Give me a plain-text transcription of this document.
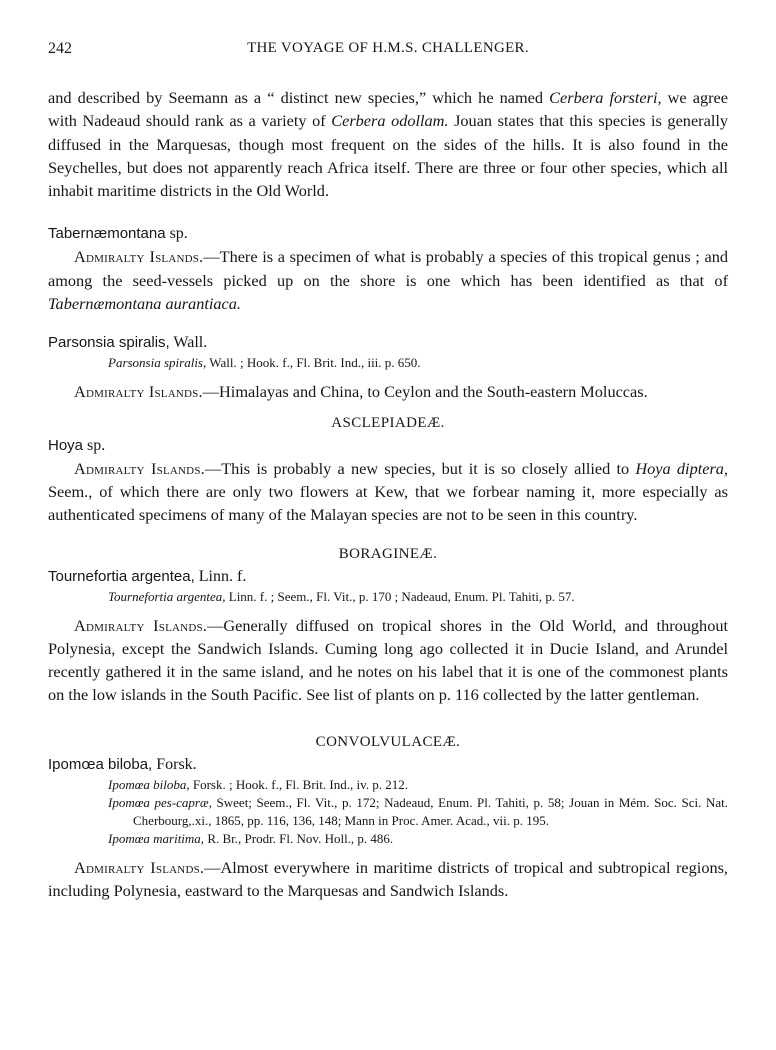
242	THE VOYAGE OF H.M.S. CHALLENGER.

and described by Seemann as a “ distinct new species,” which he named Cerbera forsteri, we agree with Nadeaud should rank as a variety of Cerbera odollam. Jouan states that this species is generally diffused in the Marquesas, though most frequent on the sides of the hills. It is also found in the Seychelles, but does not apparently reach Africa itself. There are three or four other species, which all inhabit maritime districts in the Old World.

Tabernæmontana sp.

Admiralty Islands.—There is a specimen of what is probably a species of this tropical genus ; and among the seed-vessels picked up on the shore is one which has been identified as that of Tabernæmontana aurantiaca.

Parsonsia spiralis, Wall.

Parsonsia spiralis, Wall. ; Hook. f., Fl. Brit. Ind., iii. p. 650.

Admiralty Islands.—Himalayas and China, to Ceylon and the South-eastern Moluccas.

ASCLEPIADEÆ.
Hoya sp.

Admiralty Islands.—This is probably a new species, but it is so closely allied to Hoya diptera, Seem., of which there are only two flowers at Kew, that we forbear naming it, more especially as authenticated specimens of many of the Malayan species are not to be seen in this country.

BORAGINEÆ.
Tournefortia argentea, Linn. f.

Tournefortia argentea, Linn. f. ; Seem., Fl. Vit., p. 170 ; Nadeaud, Enum. Pl. Tahiti, p. 57.

Admiralty Islands.—Generally diffused on tropical shores in the Old World, and throughout Polynesia, except the Sandwich Islands. Cuming long ago collected it in Ducie Island, and Arundel recently gathered it in the same island, and he notes on his label that it is one of the commonest plants on the low islands in the South Pacific. See list of plants on p. 116 collected by the latter gentleman.

CONVOLVULACEÆ.
Ipomœa biloba, Forsk.

Ipomœa biloba, Forsk. ; Hook. f., Fl. Brit. Ind., iv. p. 212.

Ipomœa pes-capræ, Sweet; Seem., Fl. Vit., p. 172; Nadeaud, Enum. Pl. Tahiti, p. 58; Jouan in Mém. Soc. Sci. Nat. Cherbourg,.xi., 1865, pp. 116, 136, 148; Mann in Proc. Amer. Acad., vii. p. 195.

Ipomœa maritima, R. Br., Prodr. Fl. Nov. Holl., p. 486.

Admiralty Islands.—Almost everywhere in maritime districts of tropical and subtropical regions, including Polynesia, eastward to the Marquesas and Sandwich Islands.
